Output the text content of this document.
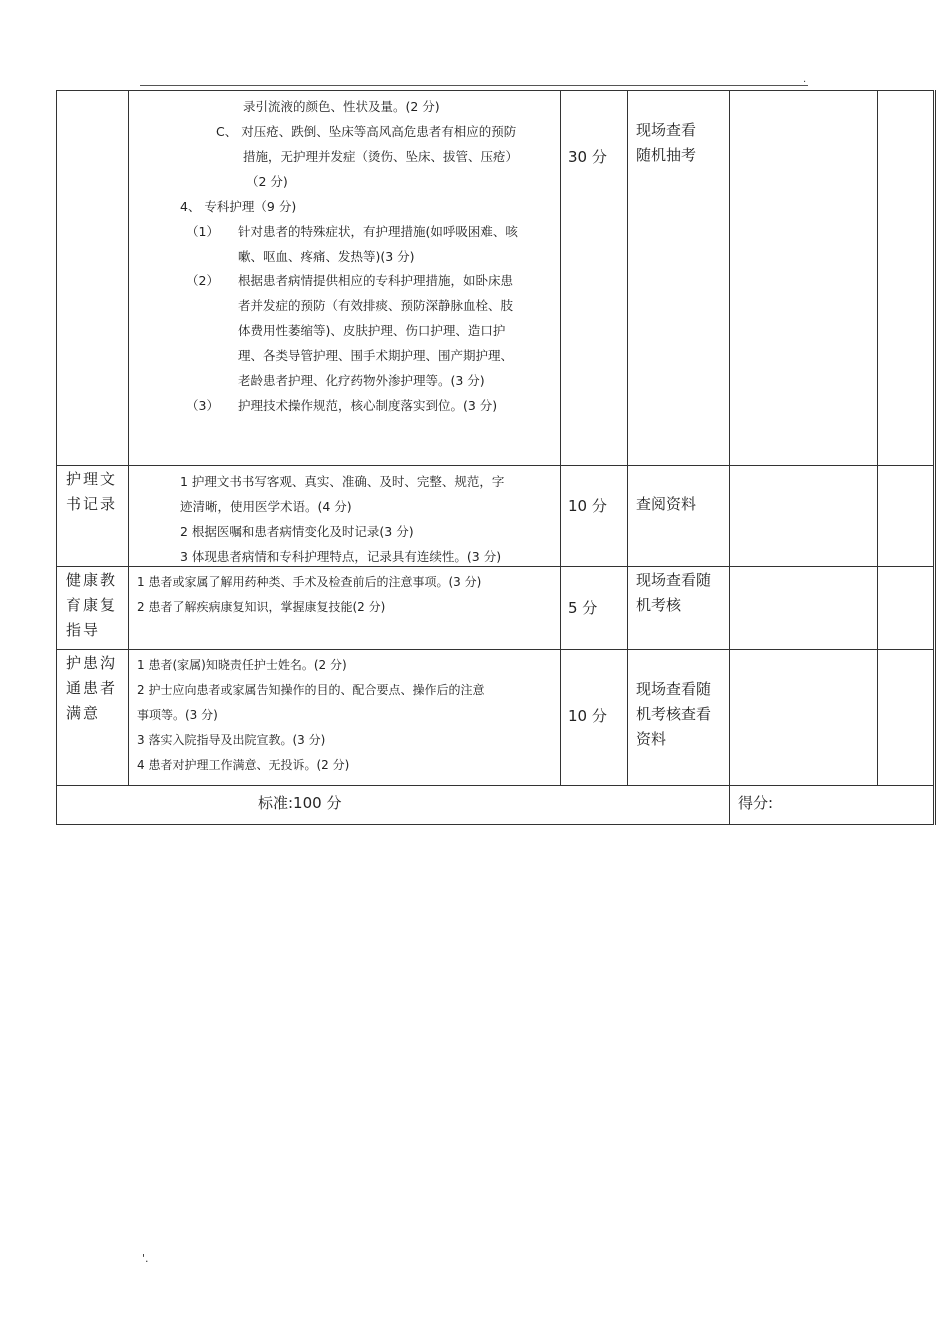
.
录引流液的颜色、性状及量。(2 分)
C、 对压疮、跌倒、坠床等高风高危患者有相应的预防
措施，无护理并发症（烫伤、坠床、拔管、压疮）
（2 分)
4、 专科护理（9 分)
（1） 针对患者的特殊症状，有护理措施(如呼吸困难、咳
嗽、呕血、疼痛、发热等)(3 分)
（2） 根据患者病情提供相应的专科护理措施，如卧床患
者并发症的预防（有效排痰、预防深静脉血栓、肢
体费用性萎缩等)、皮肤护理、伤口护理、造口护
理、各类导管护理、围手术期护理、围产期护理、
老龄患者护理、化疗药物外渗护理等。(3 分)
（3） 护理技术操作规范，核心制度落实到位。(3 分)
30 分
现场查看
随机抽考
护理文
书记录
1 护理文书书写客观、真实、准确、及时、完整、规范，字
迹清晰，使用医学术语。(4 分)
2 根据医嘱和患者病情变化及时记录(3 分)
3 体现患者病情和专科护理特点，记录具有连续性。(3 分)
10 分 查阅资料
健康教
育康复
指导
1 患者或家属了解用药种类、手术及检查前后的注意事项。(3 分)
2 患者了解疾病康复知识，掌握康复技能(2 分)	5 分
现场查看随
机考核
护患沟
通患者
满意
1 患者(家属)知晓责任护士姓名。(2 分)
2 护士应向患者或家属告知操作的目的、配合要点、操作后的注意
事项等。(3 分)
3 落实入院指导及出院宣教。(3 分)
4 患者对护理工作满意、无投诉。(2 分)
10 分
现场查看随
机考核查看
资料
标准:100 分	得分:
'.
